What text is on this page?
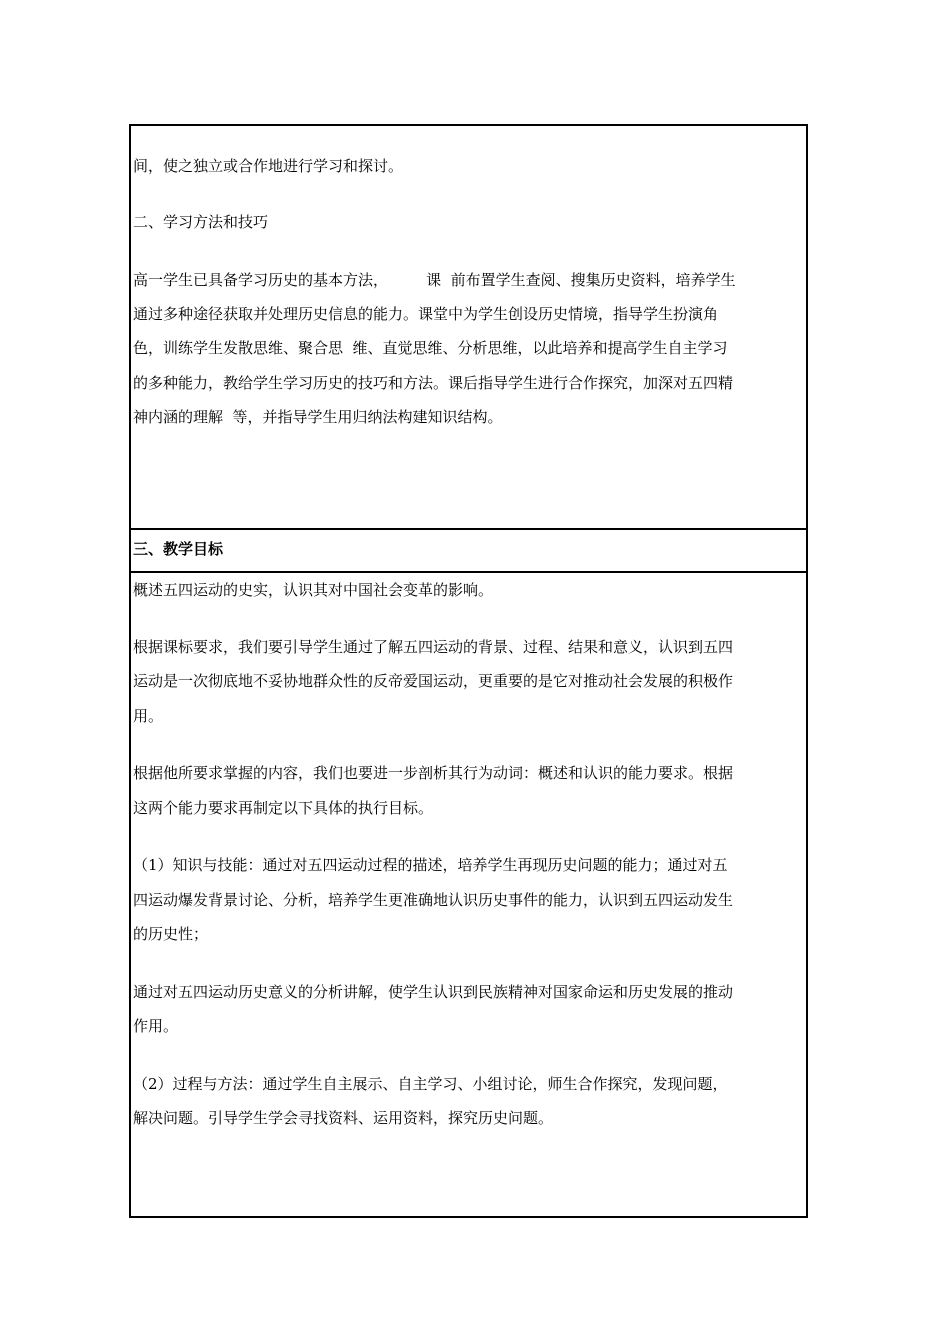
间，使之独立或合作地进行学习和探讨。

二、学习方法和技巧

高一学生已具备学习历史的基本方法，        课  前布置学生查阅、搜集历史资料，培养学生

通过多种途径获取并处理历史信息的能力。课堂中为学生创设历史情境，指导学生扮演角

色，训练学生发散思维、聚合思  维、直觉思维、分析思维，以此培养和提高学生自主学习

的多种能力，教给学生学习历史的技巧和方法。课后指导学生进行合作探究，加深对五四精

神内涵的理解  等，并指导学生用归纳法构建知识结构。

三、教学目标

概述五四运动的史实，认识其对中国社会变革的影响。

根据课标要求，我们要引导学生通过了解五四运动的背景、过程、结果和意义，认识到五四

运动是一次彻底地不妥协地群众性的反帝爱国运动，更重要的是它对推动社会发展的积极作

用。

根据他所要求掌握的内容，我们也要进一步剖析其行为动词：概述和认识的能力要求。根据

这两个能力要求再制定以下具体的执行目标。

（1）知识与技能：通过对五四运动过程的描述，培养学生再现历史问题的能力；通过对五

四运动爆发背景讨论、分析，培养学生更准确地认识历史事件的能力，认识到五四运动发生

的历史性；

通过对五四运动历史意义的分析讲解，使学生认识到民族精神对国家命运和历史发展的推动

作用。

（2）过程与方法：通过学生自主展示、自主学习、小组讨论，师生合作探究，发现问题，

解决问题。引导学生学会寻找资料、运用资料，探究历史问题。
